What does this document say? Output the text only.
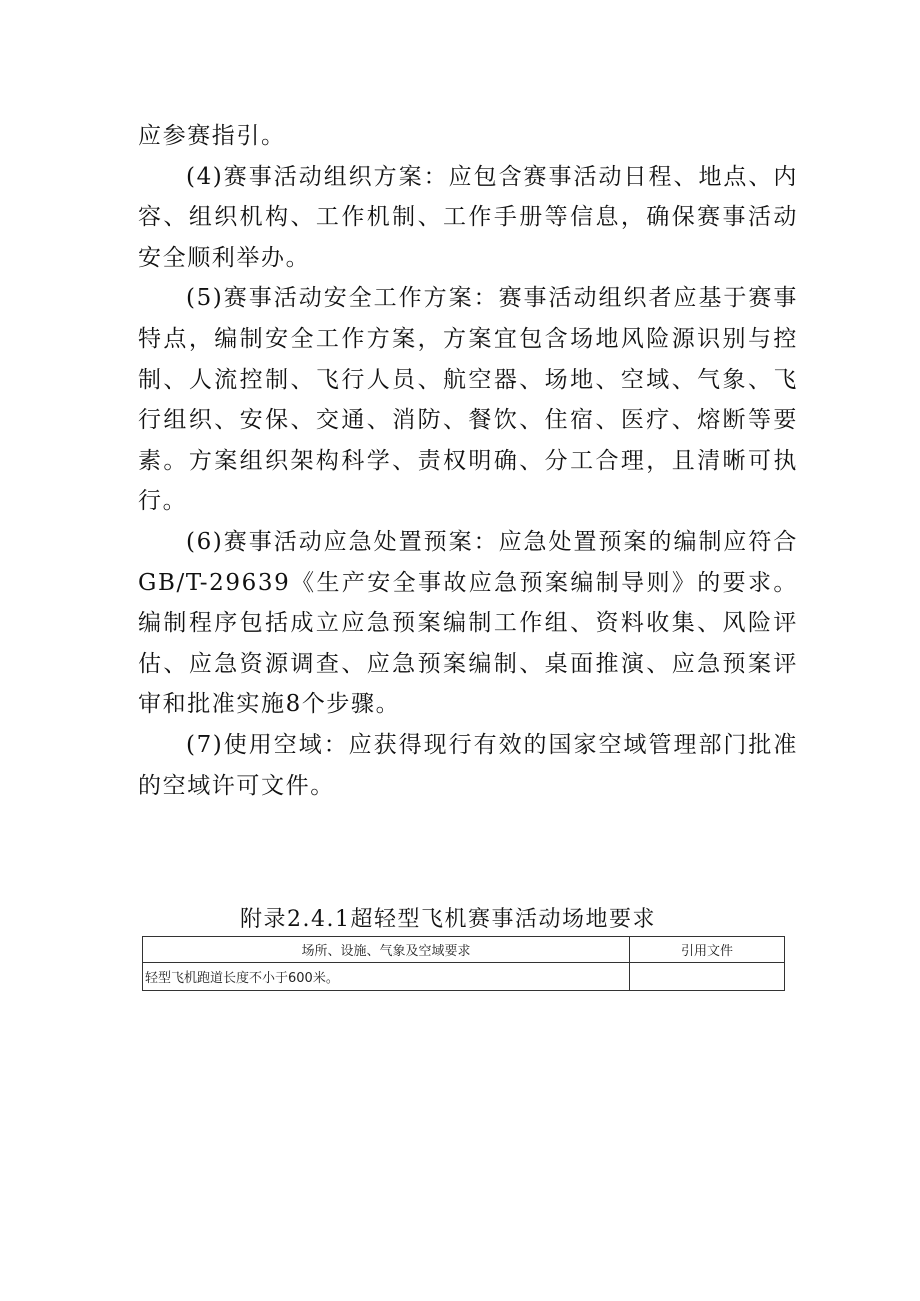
应参赛指引。

(4)赛事活动组织方案：应包含赛事活动日程、地点、内容、组织机构、工作机制、工作手册等信息，确保赛事活动安全顺利举办。

(5)赛事活动安全工作方案：赛事活动组织者应基于赛事特点，编制安全工作方案，方案宜包含场地风险源识别与控制、人流控制、飞行人员、航空器、场地、空域、气象、飞行组织、安保、交通、消防、餐饮、住宿、医疗、熔断等要素。方案组织架构科学、责权明确、分工合理，且清晰可执行。

(6)赛事活动应急处置预案：应急处置预案的编制应符合GB/T-29639《生产安全事故应急预案编制导则》的要求。编制程序包括成立应急预案编制工作组、资料收集、风险评估、应急资源调查、应急预案编制、桌面推演、应急预案评审和批准实施8个步骤。

(7)使用空域：应获得现行有效的国家空域管理部门批准的空域许可文件。

附录2.4.1超轻型飞机赛事活动场地要求
场所、设施、气象及空域要求	引用文件
轻型飞机跑道长度不小于600米。	
